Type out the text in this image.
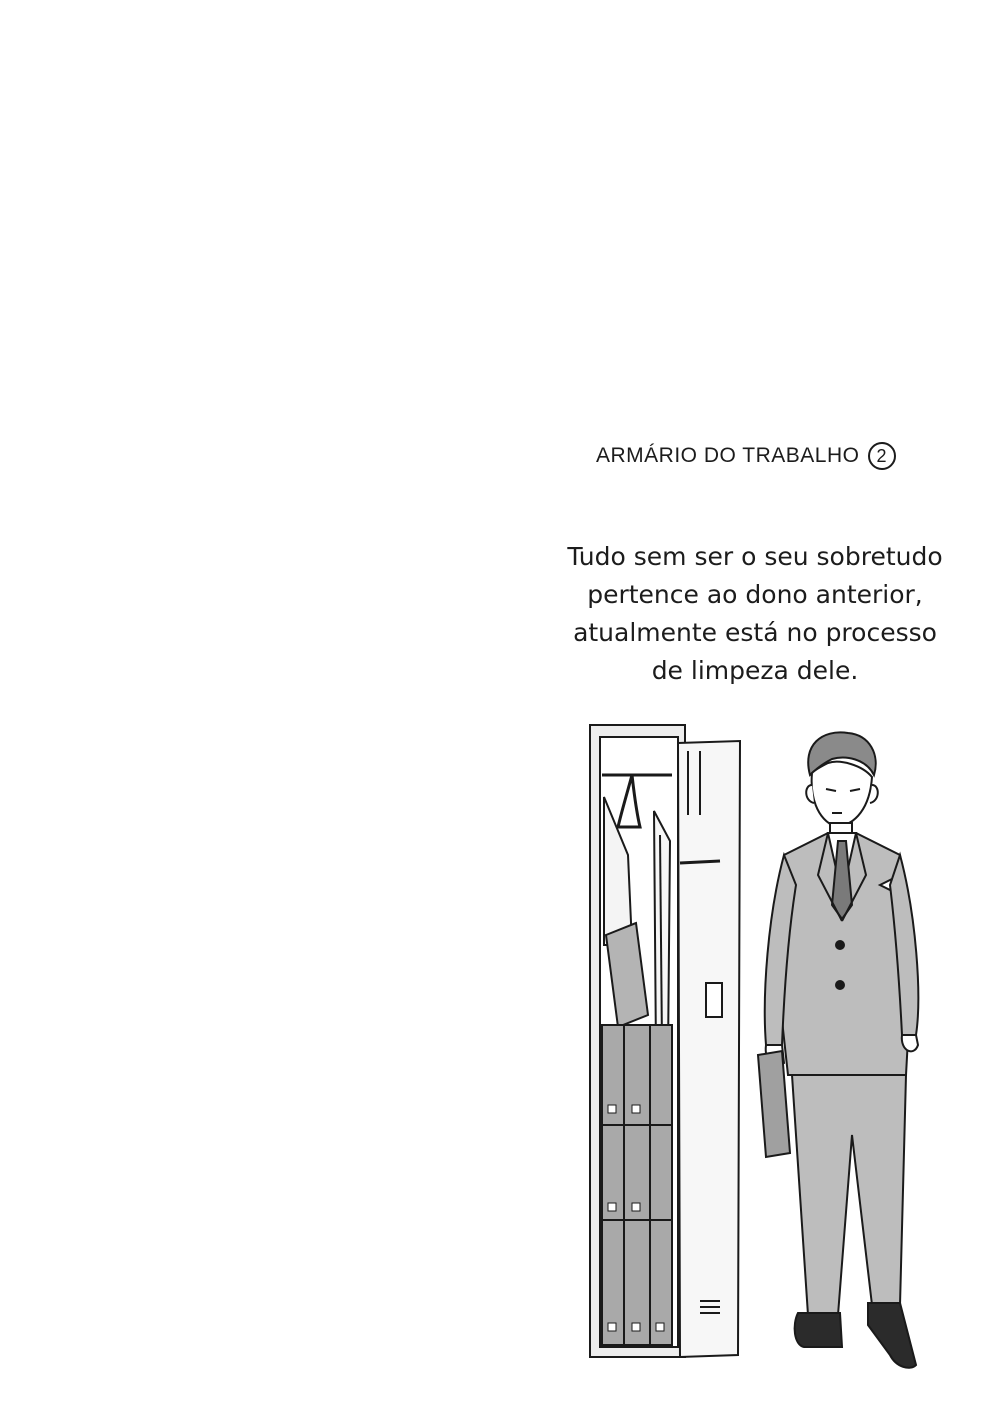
ARMÁRIO DO TRABALHO 2
Tudo sem ser o seu sobretudo
pertence ao dono anterior,
atualmente está no processo
de limpeza dele.
